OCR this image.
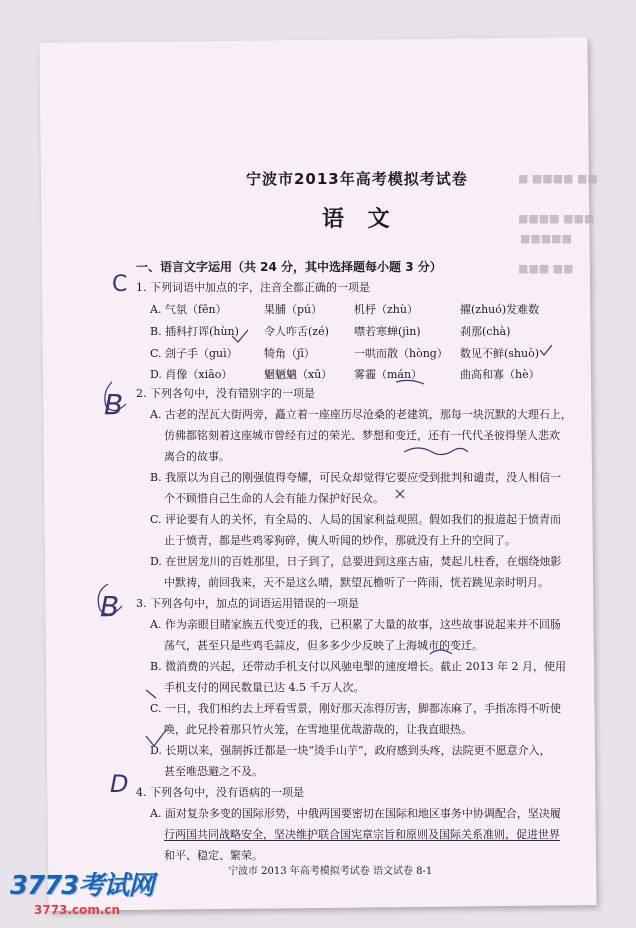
■ ■■■■ ■■
■■■■ ■■■
■■■■■
■■■ ■■
宁波市2013年高考模拟考试卷
语 文
一、语言文字运用（共 24 分，其中选择题每小题 3 分）
1. 下列词语中加点的字，注音全都正确的一项是
A. 气氛（fēn）	果脯（pú）	机杼（zhù）	擢(zhuó)发难数
B. 插科打诨(hùn) 令人咋舌(zé) 噤若寒蝉(jìn)	刹那(chà)
C. 刽子手（guì） 犄角（jī）	一哄而散（hòng） 数见不鲜(shuò)
D. 肖像（xiāo）	魍魉魑（xū） 雾霾（mán）	曲高和寡（hè）
2. 下列各句中，没有错别字的一项是
A. 古老的涅瓦大街两旁，矗立着一座座历尽沧桑的老建筑，那每一块沉默的大理石上，
仿佛都铭刻着这座城市曾经有过的荣光、梦想和变迁，还有一代代圣彼得堡人悲欢
离合的故事。
B. 我原以为自己的刚强值得夸耀，可民众却觉得它要应受到批判和谴责，没人相信一
个不顾惜自己生命的人会有能力保护好民众。
C. 评论要有人的关怀，有全局的、人局的国家利益观照。假如我们的报道起于愤青而
止于愤青，都是些鸡零狗碎，傸人听闻的炒作，那就没有上升的空间了。
D. 在世居龙川的百姓那里，日子到了，总要进到这座古庙，焚起儿柱香，在烟绕烛影
中默祷，前回我来，天不是这么晴，默望瓦檐听了一阵雨，恍若跳见亲时明月。
3. 下列各句中，加点的词语运用错误的一项是
A. 作为亲眼目睹家族五代变迁的我，已积累了大量的故事，这些故事说起来并不回肠
荡气，甚至只是些鸡毛蒜皮，但多多少少反映了上海城市的变迁。
B. 微消费的兴起，还带动手机支付以风驰电掣的速度增长。截止 2013 年 2 月，使用
手机支付的网民数量已达 4.5 千万人次。
C. 一日，我们相约去上坪看雪景，刚好那天冻得厉害，脚都冻麻了，手指冻得不听使
唤，此兄拎着那只竹火笼，在雪地里优哉游哉的，让我直眼热。
D. 长期以来，强制拆迁都是一块“烫手山芋”，政府感到头疼，法院更不愿意介入，
甚至唯恐避之不及。
4. 下列各句中，没有语病的一项是
A. 面对复杂多变的国际形势，中俄两国要密切在国际和地区事务中协调配合，坚决履
行两国共同战略安全，坚决维护联合国宪章宗旨和原则及国际关系准则，促进世界
和平、稳定、繁荣。
C
B
B
D
宁波市 2013 年高考模拟考试卷 语文试卷 8-1
3773考试网
3773.com.cn
